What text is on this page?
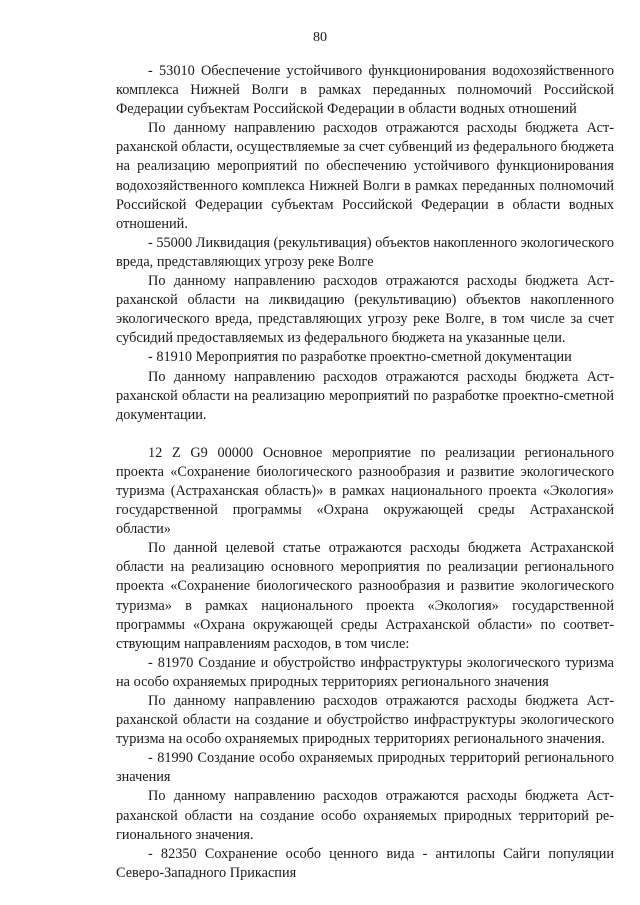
80

- 53010 Обеспечение устойчивого функционирования водохозяйственного комплекса Нижней Волги в рамках переданных полномочий Российской Федерации субъектам Российской Федерации в области водных отношений

По данному направлению расходов отражаются расходы бюджета Астраханской области, осуществляемые за счет субвенций из федерального бюджета на реализацию мероприятий по обеспечению устойчивого функционирования водохозяйственного комплекса Нижней Волги в рамках переданных полномочий Российской Федерации субъектам Российской Федерации в области водных отношений.

- 55000 Ликвидация (рекультивация) объектов накопленного экологического вреда, представляющих угрозу реке Волге

По данному направлению расходов отражаются расходы бюджета Астраханской области на ликвидацию (рекультивацию) объектов накопленного экологического вреда, представляющих угрозу реке Волге, в том числе за счет субсидий предоставляемых из федерального бюджета на указанные цели.

- 81910 Мероприятия по разработке проектно-сметной документации

По данному направлению расходов отражаются расходы бюджета Астраханской области на реализацию мероприятий по разработке проектно-сметной документации.

12 Z G9 00000 Основное мероприятие по реализации регионального проекта «Сохранение биологического разнообразия и развитие экологического туризма (Астраханская область)» в рамках национального проекта «Экология» государственной программы «Охрана окружающей среды Астраханской области»

По данной целевой статье отражаются расходы бюджета Астраханской области на реализацию основного мероприятия по реализации регионального проекта «Сохранение биологического разнообразия и развитие экологического туризма» в рамках национального проекта «Экология» государственной программы «Охрана окружающей среды Астраханской области» по соответствующим направлениям расходов, в том числе:

- 81970 Создание и обустройство инфраструктуры экологического туризма на особо охраняемых природных территориях регионального значения

По данному направлению расходов отражаются расходы бюджета Астраханской области на создание и обустройство инфраструктуры экологического туризма на особо охраняемых природных территориях регионального значения.

- 81990 Создание особо охраняемых природных территорий регионального значения

По данному направлению расходов отражаются расходы бюджета Астраханской области на создание особо охраняемых природных территорий регионального значения.

- 82350 Сохранение особо ценного вида - антилопы Сайги популяции Северо-Западного Прикаспия
